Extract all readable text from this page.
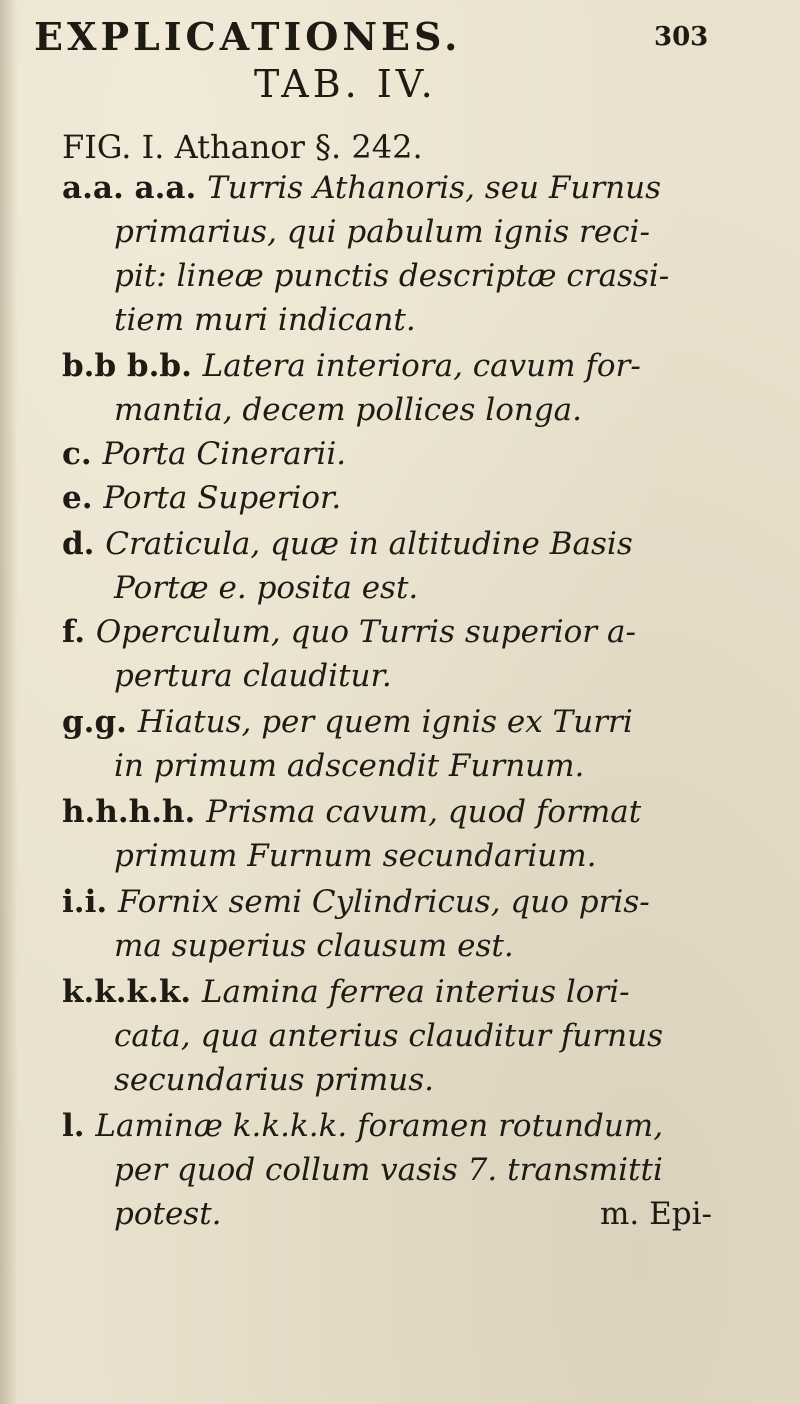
EXPLICATIONES.	303
TAB. IV.
FIG. I. Athanor §. 242.
a.a. a.a. Turris Athanoris, seu Furnus
primarius, qui pabulum ignis reci-
pit: lineæ punctis descriptæ crassi-
tiem muri indicant.
b.b b.b. Latera interiora, cavum for-
mantia, decem pollices longa.
c. Porta Cinerarii.
e. Porta Superior.
d. Craticula, quæ in altitudine Basis
Portæ e. posita est.
f. Operculum, quo Turris superior a-
pertura clauditur.
g.g. Hiatus, per quem ignis ex Turri
in primum adscendit Furnum.
h.h.h.h. Prisma cavum, quod format
primum Furnum secundarium.
i.i. Fornix semi Cylindricus, quo pris-
ma superius clausum est.
k.k.k.k. Lamina ferrea interius lori-
cata, qua anterius clauditur furnus
secundarius primus.
l. Laminæ k.k.k.k. foramen rotundum,
per quod collum vasis 7. transmitti
potest.	m. Epi-
